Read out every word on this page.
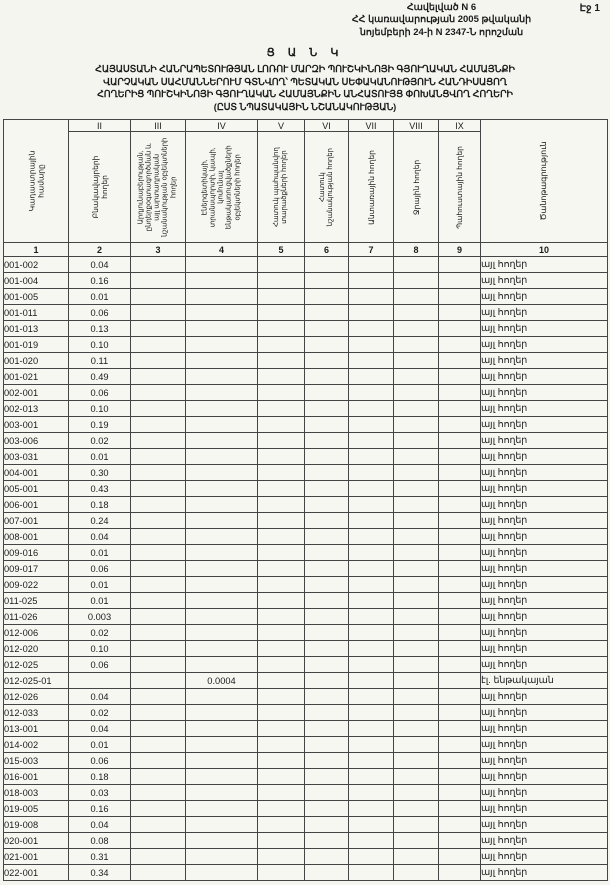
Էջ 1
Հավելված N 6
ՀՀ կառավարության 2005 թվականի
նոյեմբերի 24-ի N 2347-Ն որոշման
Ց Ա Ն Կ
ՀԱՅԱՍՏԱՆԻ ՀԱՆՐԱՊԵՏՈՒԹՅԱՆ ԼՈՌՈՒ ՄԱՐԶԻ ՊՈՒՇԿԻՆՈՅԻ ԳՅՈՒՂԱԿԱՆ ՀԱՄԱՅՆՔԻ
ՎԱՐՉԱԿԱՆ ՍԱՀՄԱՆՆԵՐՈՒՄ ԳՏՆՎՈՂ՝ ՊԵՏԱԿԱՆ ՍԵՓԱԿԱՆՈՒԹՅՈՒՆ ՀԱՆԴԻՍԱՑՈՂ
ՀՈՂԵՐԻՑ ՊՈՒՇԿԻՆՈՅԻ ԳՅՈՒՂԱԿԱՆ ՀԱՄԱՅՆՔԻՆ ԱՆՀԱՏՈՒՅՑ ՓՈԽԱՆՑՎՈՂ ՀՈՂԵՐԻ
(ԸՍՏ ՆՊԱՏԱԿԱՅԻՆ ՆՇԱՆԱԿՈՒԹՅԱՆ)
Կադաստրային համարը	II	III	IV	V	VI	VII	VIII	IX	Ծանոթագրություն

	Բնակավայրերի հողեր	Արդյունաբերության, ընդերքօգտագործման և այլ արտադրական նշանակության օբյեկտների հողեր	Էներգետիկայի, տրանսպորտի, կապի, կոմունալ ենթակառուցվածքների օբյեկտների հողեր	Հատուկ պահպանվող տարածքների հողեր	Հատուկ նշանակության հողեր	Անտառային հողեր	Ջրային հողեր	Պահուստային հողեր	

1	2	3	4	5	6	7	8	9	10
001-002	0.04								այլ հողեր
001-004	0.16								այլ հողեր
001-005	0.01								այլ հողեր
001-011	0.06								այլ հողեր
001-013	0.13								այլ հողեր
001-019	0.10								այլ հողեր
001-020	0.11								այլ հողեր
001-021	0.49								այլ հողեր
002-001	0.06								այլ հողեր
002-013	0.10								այլ հողեր
003-001	0.19								այլ հողեր
003-006	0.02								այլ հողեր
003-031	0.01								այլ հողեր
004-001	0.30								այլ հողեր
005-001	0.43								այլ հողեր
006-001	0.18								այլ հողեր
007-001	0.24								այլ հողեր
008-001	0.04								այլ հողեր
009-016	0.01								այլ հողեր
009-017	0.06								այլ հողեր
009-022	0.01								այլ հողեր
011-025	0.01								այլ հողեր
011-026	0.003								այլ հողեր
012-006	0.02								այլ հողեր
012-020	0.10								այլ հողեր
012-025	0.06								այլ հողեր
012-025-01			0.0004						էլ. ենթակայան
012-026	0.04								այլ հողեր
012-033	0.02								այլ հողեր
013-001	0.04								այլ հողեր
014-002	0.01								այլ հողեր
015-003	0.06								այլ հողեր
016-001	0.18								այլ հողեր
018-003	0.03								այլ հողեր
019-005	0.16								այլ հողեր
019-008	0.04								այլ հողեր
020-001	0.08								այլ հողեր
021-001	0.31								այլ հողեր
022-001	0.34								այլ հողեր
